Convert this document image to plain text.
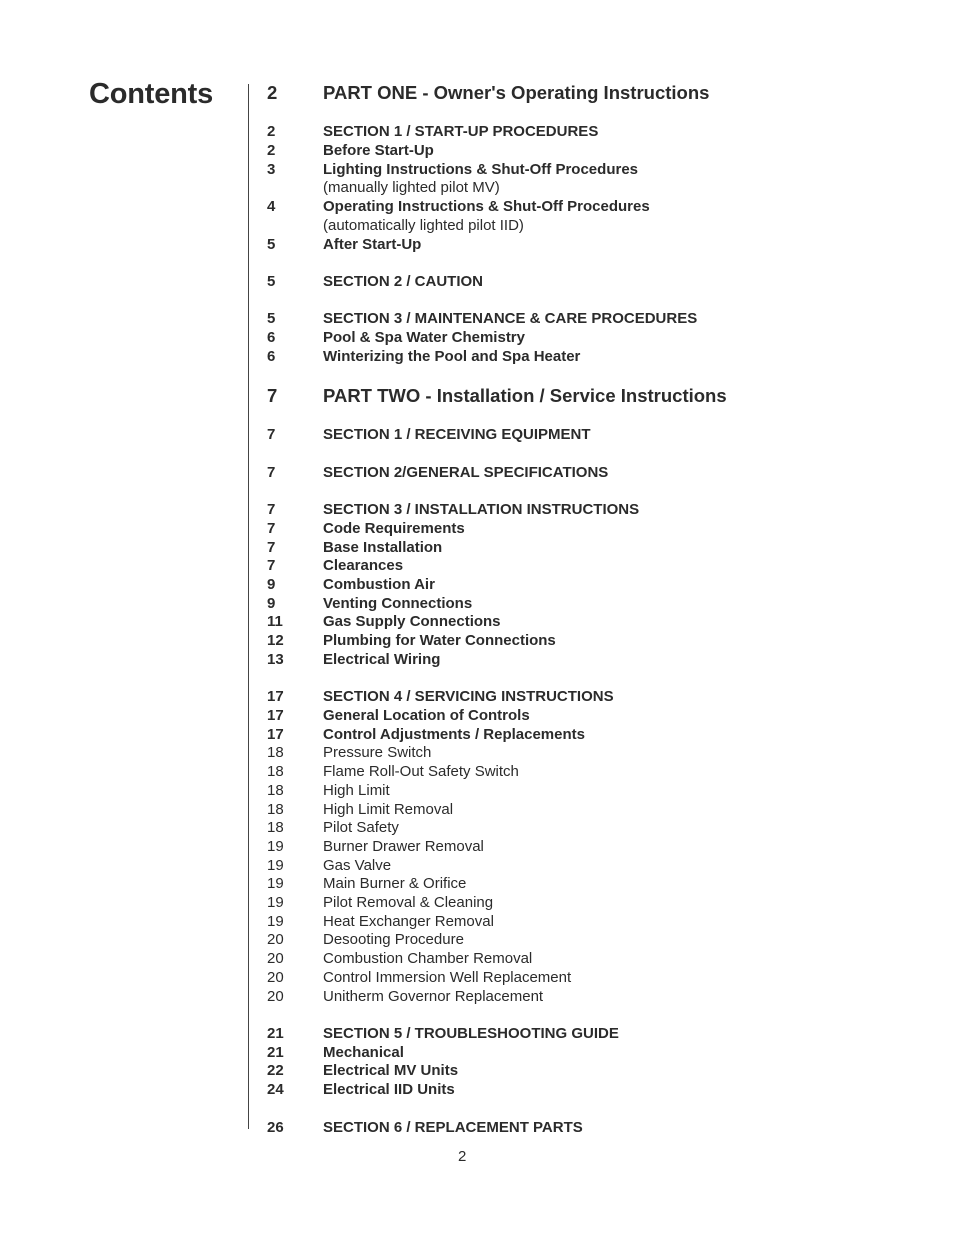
Contents	2 PART ONE - Owner's Operating Instructions
2	SECTION 1 / START-UP PROCEDURES
2	Before Start-Up
3	Lighting Instructions & Shut-Off Procedures
(manually lighted pilot MV)
4	Operating Instructions & Shut-Off Procedures
(automatically lighted pilot IID)
5	After Start-Up
5	SECTION 2 / CAUTION
5	SECTION 3 / MAINTENANCE & CARE PROCEDURES
6	Pool & Spa Water Chemistry
6	Winterizing the Pool and Spa Heater
7 PART TWO - Installation / Service Instructions
7	SECTION 1 / RECEIVING EQUIPMENT
7	SECTION 2/GENERAL SPECIFICATIONS
7	SECTION 3 / INSTALLATION INSTRUCTIONS
7	Code Requirements
7	Base Installation
7	Clearances
9	Combustion Air
9	Venting Connections
11	Gas Supply Connections
12	Plumbing for Water Connections
13	Electrical Wiring
17	SECTION 4 / SERVICING INSTRUCTIONS
17	General Location of Controls
17	Control Adjustments / Replacements
18	Pressure Switch
18	Flame Roll-Out Safety Switch
18	High Limit
18	High Limit Removal
18	Pilot Safety
19	Burner Drawer Removal
19	Gas Valve
19	Main Burner & Orifice
19	Pilot Removal & Cleaning
19	Heat Exchanger Removal
20	Desooting Procedure
20	Combustion Chamber Removal
20	Control Immersion Well Replacement
20	Unitherm Governor Replacement
21	SECTION 5 / TROUBLESHOOTING GUIDE
21	Mechanical
22	Electrical MV Units
24	Electrical IID Units
26	SECTION 6 / REPLACEMENT PARTS
2
